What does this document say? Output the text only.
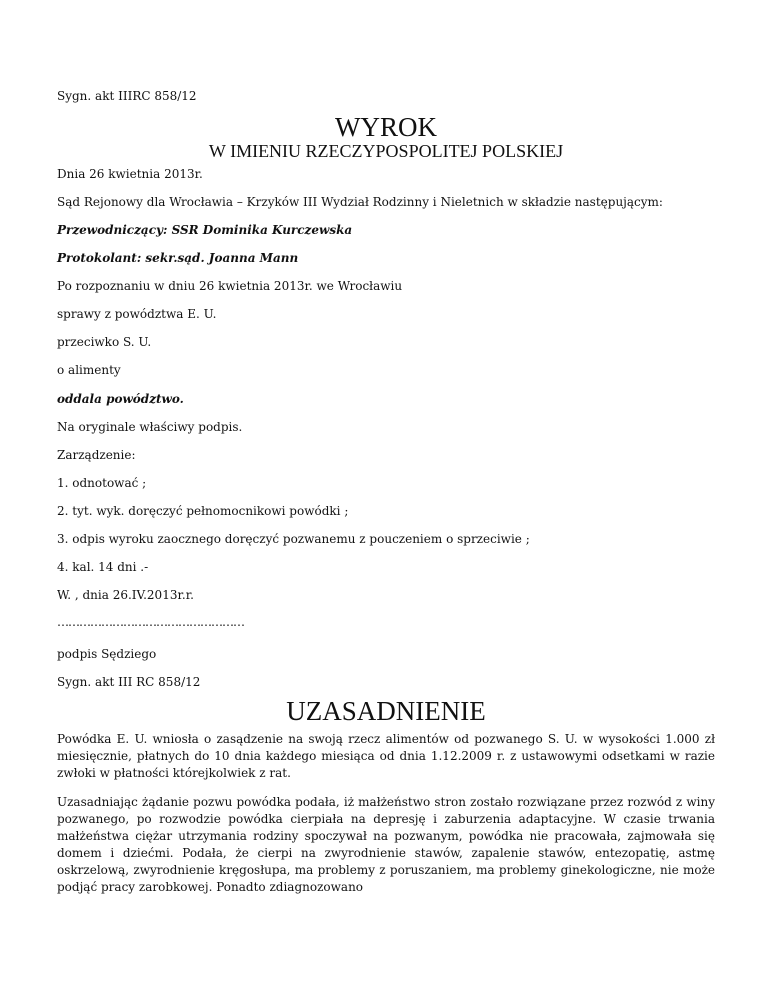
Sygn. akt IIIRC 858/12

WYROK
W IMIENIU RZECZYPOSPOLITEJ POLSKIEJ

Dnia 26 kwietnia 2013r.

Sąd Rejonowy dla Wrocławia – Krzyków III Wydział Rodzinny i Nieletnich w składzie następującym:

Przewodniczący: SSR Dominika Kurczewska

Protokolant: sekr.sąd. Joanna Mann

Po rozpoznaniu w dniu 26 kwietnia 2013r. we Wrocławiu

sprawy z powództwa E. U.

przeciwko S. U.

o alimenty

oddala powództwo.

Na oryginale właściwy podpis.

Zarządzenie:

1. odnotować ;

2. tyt. wyk. doręczyć pełnomocnikowi powódki ;

3. odpis wyroku zaocznego doręczyć pozwanemu z pouczeniem o sprzeciwie ;

4. kal. 14 dni .-

W. , dnia 26.IV.2013r.r.

……………………………………………

podpis Sędziego

Sygn. akt III RC 858/12

UZASADNIENIE

Powódka E. U. wniosła o zasądzenie na swoją rzecz alimentów od pozwanego S. U. w wysokości 1.000 zł miesięcznie, płatnych do 10 dnia każdego miesiąca od dnia 1.12.2009 r. z ustawowymi odsetkami w razie zwłoki w płatności którejkolwiek z rat.

Uzasadniając żądanie pozwu powódka podała, iż małżeństwo stron zostało rozwiązane przez rozwód z winy pozwanego, po rozwodzie powódka cierpiała na depresję i zaburzenia adaptacyjne. W czasie trwania małżeństwa ciężar utrzymania rodziny spoczywał na pozwanym, powódka nie pracowała, zajmowała się domem i dziećmi. Podała, że cierpi na zwyrodnienie stawów, zapalenie stawów, entezopatię, astmę oskrzelową, zwyrodnienie kręgosłupa, ma problemy z poruszaniem, ma problemy ginekologiczne, nie może podjąć pracy zarobkowej. Ponadto zdiagnozowano
